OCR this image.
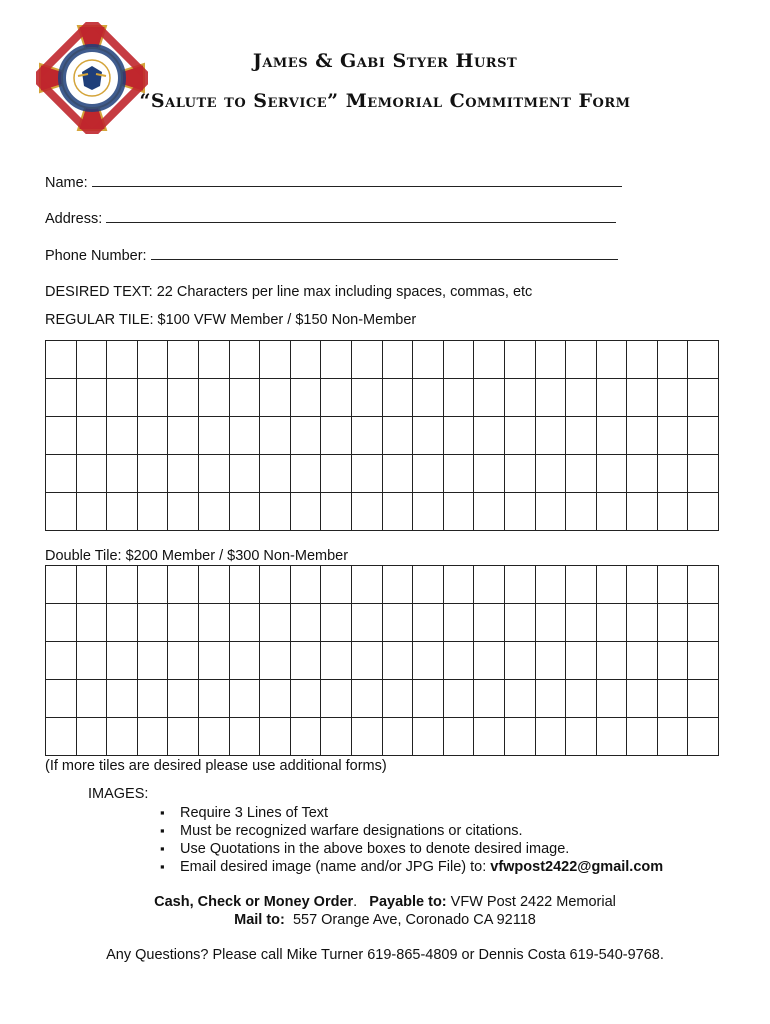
James & Gabi Styer Hurst
“Salute to Service” Memorial Commitment Form
Name:
Address:
Phone Number:
DESIRED TEXT: 22 Characters per line max including spaces, commas, etc
REGULAR TILE: $100 VFW Member / $150 Non-Member

Double Tile: $200 Member / $300 Non-Member

(If more tiles are desired please use additional forms)
IMAGES:
▪ Require 3 Lines of Text
▪ Must be recognized warfare designations or citations.
▪ Use Quotations in the above boxes to denote desired image.
▪ Email desired image (name and/or JPG File) to: vfwpost2422@gmail.com
Cash, Check or Money Order.   Payable to: VFW Post 2422 Memorial
Mail to: 557 Orange Ave, Coronado CA 92118
Any Questions? Please call Mike Turner 619-865-4809 or Dennis Costa 619-540-9768.
